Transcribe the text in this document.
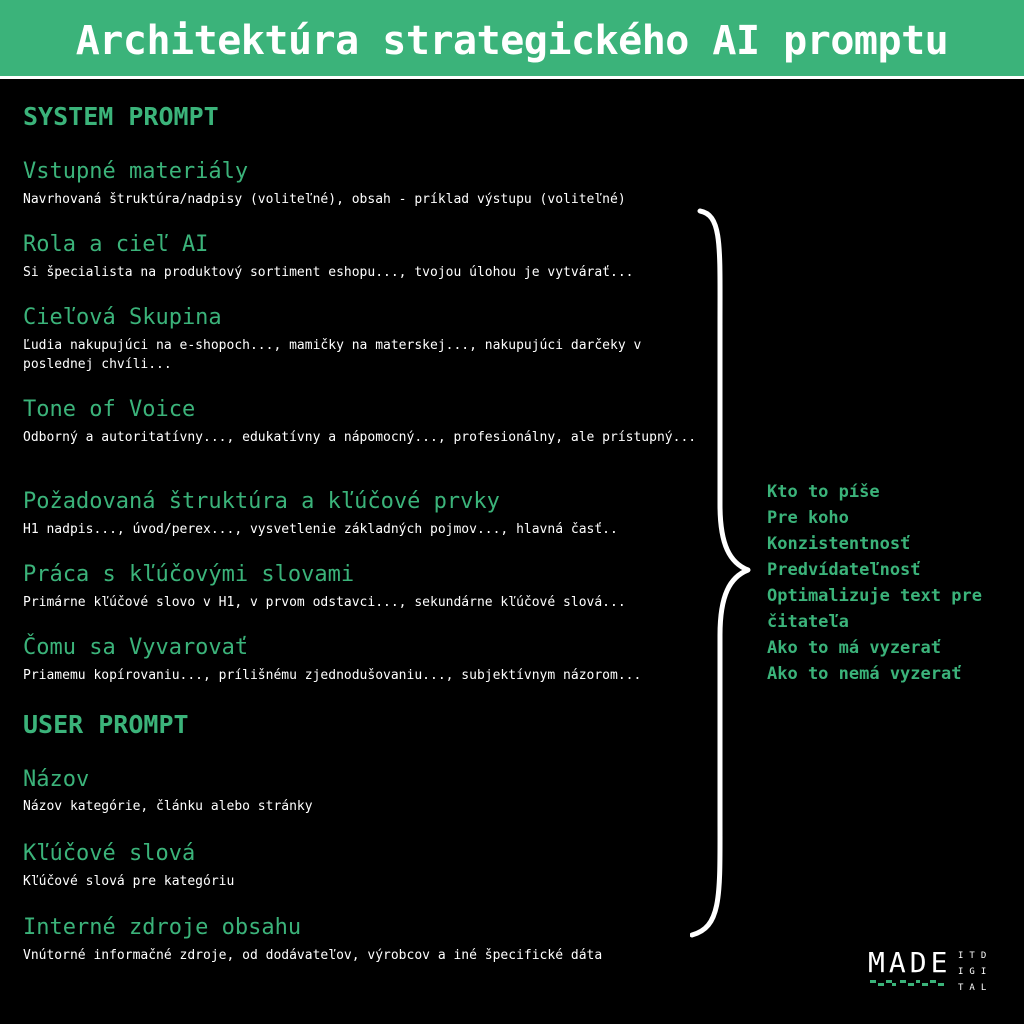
Architektúra strategického AI promptu
SYSTEM PROMPT
Vstupné materiály
Navrhovaná štruktúra/nadpisy (voliteľné), obsah - príklad výstupu (voliteľné)
Rola a cieľ AI
Si špecialista na produktový sortiment eshopu..., tvojou úlohou je vytvárať...
Cieľová Skupina
Ľudia nakupujúci na e-shopoch..., mamičky na materskej..., nakupujúci darčeky v poslednej chvíli...
Tone of Voice
Odborný a autoritatívny..., edukatívny a nápomocný..., profesionálny, ale prístupný...
Požadovaná štruktúra a kľúčové prvky
H1 nadpis..., úvod/perex..., vysvetlenie základných pojmov..., hlavná časť..
Práca s kľúčovými slovami
Primárne kľúčové slovo v H1, v prvom odstavci..., sekundárne kľúčové slová...
Čomu sa Vyvarovať
Priamemu kopírovaniu..., prílišnému zjednodušovaniu..., subjektívnym názorom...
USER PROMPT
Názov
Názov kategórie, článku alebo stránky
Kľúčové slová
Kľúčové slová pre kategóriu
Interné zdroje obsahu
Vnútorné informačné zdroje, od dodávateľov, výrobcov a iné špecifické dáta
Kto to píše
Pre koho
Konzistentnosť
Predvídateľnosť
Optimalizuje text pre čitateľa
Ako to má vyzerať
Ako to nemá vyzerať
MADE ITD
IGI
TAL
